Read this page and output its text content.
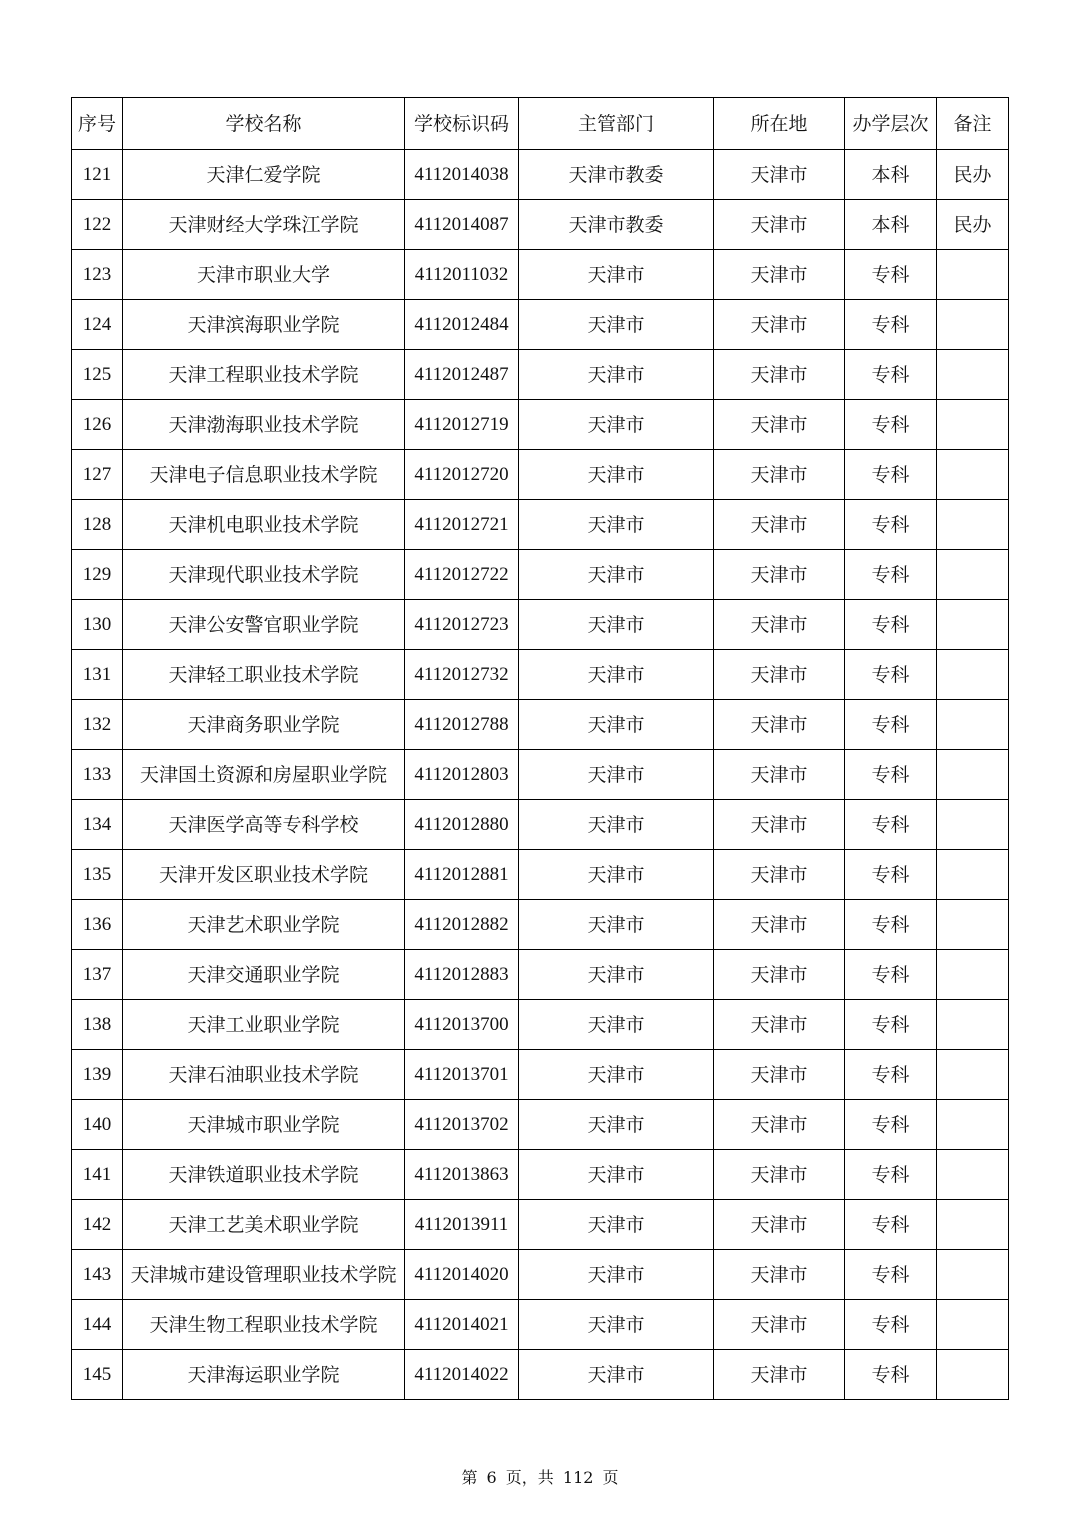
序号	学校名称	学校标识码	主管部门	所在地	办学层次	备注
121	天津仁爱学院	4112014038	天津市教委	天津市	本科	民办
122	天津财经大学珠江学院	4112014087	天津市教委	天津市	本科	民办
123	天津市职业大学	4112011032	天津市	天津市	专科	
124	天津滨海职业学院	4112012484	天津市	天津市	专科	
125	天津工程职业技术学院	4112012487	天津市	天津市	专科	
126	天津渤海职业技术学院	4112012719	天津市	天津市	专科	
127	天津电子信息职业技术学院	4112012720	天津市	天津市	专科	
128	天津机电职业技术学院	4112012721	天津市	天津市	专科	
129	天津现代职业技术学院	4112012722	天津市	天津市	专科	
130	天津公安警官职业学院	4112012723	天津市	天津市	专科	
131	天津轻工职业技术学院	4112012732	天津市	天津市	专科	
132	天津商务职业学院	4112012788	天津市	天津市	专科	
133	天津国土资源和房屋职业学院	4112012803	天津市	天津市	专科	
134	天津医学高等专科学校	4112012880	天津市	天津市	专科	
135	天津开发区职业技术学院	4112012881	天津市	天津市	专科	
136	天津艺术职业学院	4112012882	天津市	天津市	专科	
137	天津交通职业学院	4112012883	天津市	天津市	专科	
138	天津工业职业学院	4112013700	天津市	天津市	专科	
139	天津石油职业技术学院	4112013701	天津市	天津市	专科	
140	天津城市职业学院	4112013702	天津市	天津市	专科	
141	天津铁道职业技术学院	4112013863	天津市	天津市	专科	
142	天津工艺美术职业学院	4112013911	天津市	天津市	专科	
143	天津城市建设管理职业技术学院	4112014020	天津市	天津市	专科	
144	天津生物工程职业技术学院	4112014021	天津市	天津市	专科	
145	天津海运职业学院	4112014022	天津市	天津市	专科	
第 6 页，共 112 页
